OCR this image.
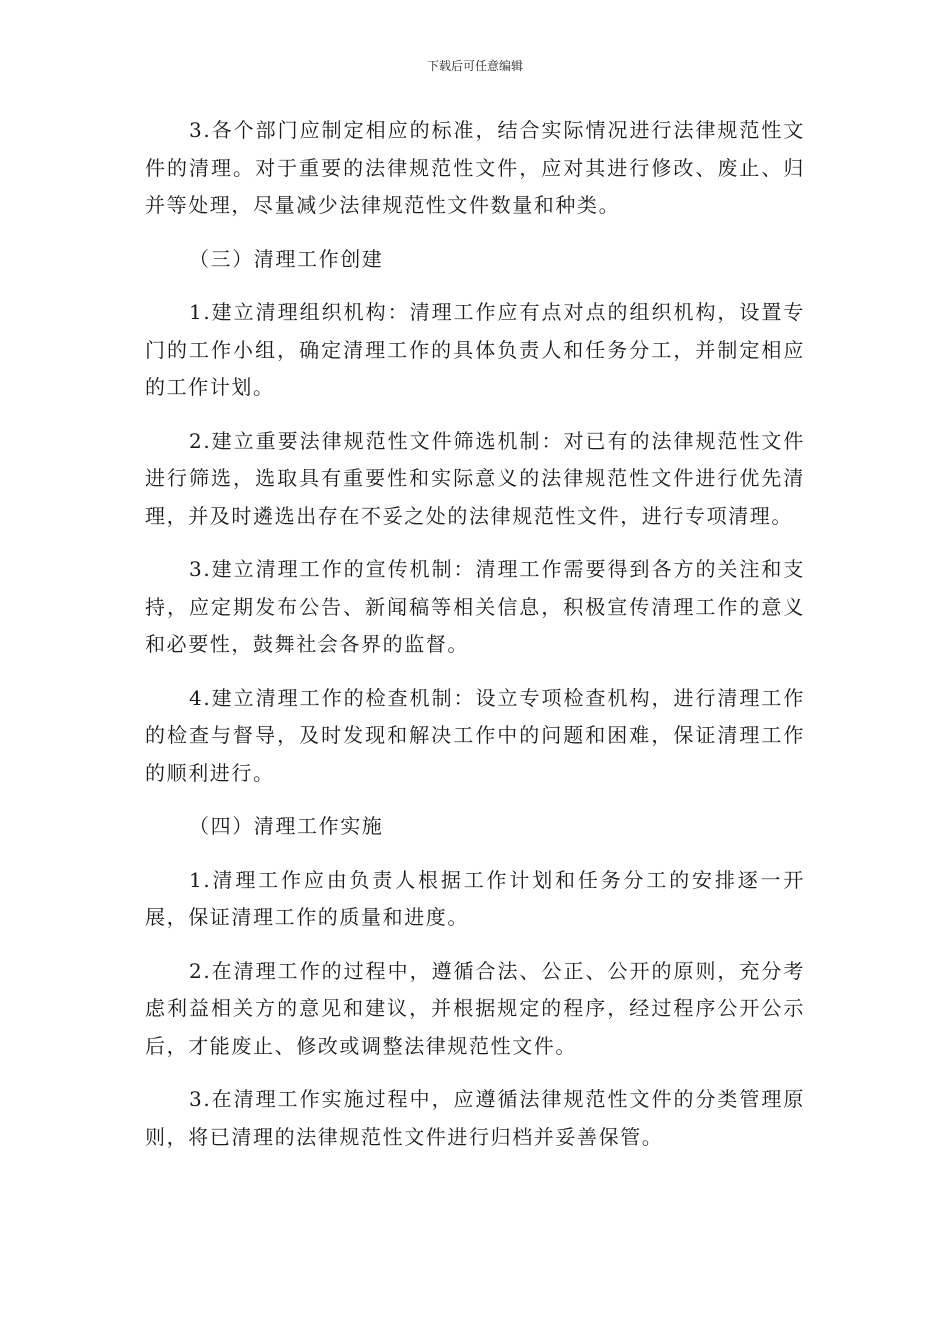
下载后可任意编辑

3.各个部门应制定相应的标准，结合实际情况进行法律规范性文件的清理。对于重要的法律规范性文件，应对其进行修改、废止、归并等处理，尽量减少法律规范性文件数量和种类。

（三）清理工作创建

1.建立清理组织机构：清理工作应有点对点的组织机构，设置专门的工作小组，确定清理工作的具体负责人和任务分工，并制定相应的工作计划。

2.建立重要法律规范性文件筛选机制：对已有的法律规范性文件进行筛选，选取具有重要性和实际意义的法律规范性文件进行优先清理，并及时遴选出存在不妥之处的法律规范性文件，进行专项清理。

3.建立清理工作的宣传机制：清理工作需要得到各方的关注和支持，应定期发布公告、新闻稿等相关信息，积极宣传清理工作的意义和必要性，鼓舞社会各界的监督。

4.建立清理工作的检查机制：设立专项检查机构，进行清理工作的检查与督导，及时发现和解决工作中的问题和困难，保证清理工作的顺利进行。

（四）清理工作实施

1.清理工作应由负责人根据工作计划和任务分工的安排逐一开展，保证清理工作的质量和进度。

2.在清理工作的过程中，遵循合法、公正、公开的原则，充分考虑利益相关方的意见和建议，并根据规定的程序，经过程序公开公示后，才能废止、修改或调整法律规范性文件。

3.在清理工作实施过程中，应遵循法律规范性文件的分类管理原则，将已清理的法律规范性文件进行归档并妥善保管。
